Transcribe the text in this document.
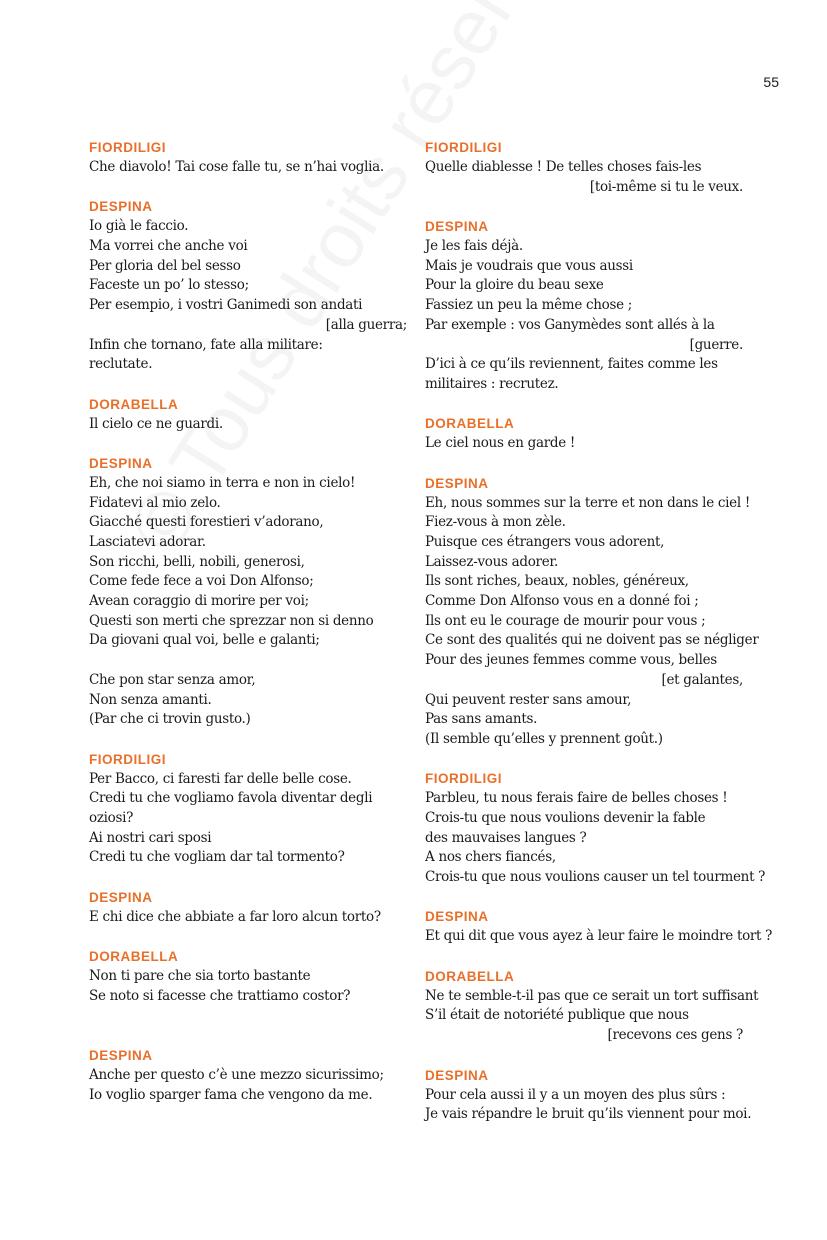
55
FIORDILIGI
Che diavolo! Tai cose falle tu, se n’hai voglia.
DESPINA
Io già le faccio.
Ma vorrei che anche voi
Per gloria del bel sesso
Faceste un po’ lo stesso;
Per esempio, i vostri Ganimedi son andati
[alla guerra;
Infin che tornano, fate alla militare:
reclutate.
DORABELLA
Il cielo ce ne guardi.
DESPINA
Eh, che noi siamo in terra e non in cielo!
Fidatevi al mio zelo.
Giacché questi forestieri v’adorano,
Lasciatevi adorar.
Son ricchi, belli, nobili, generosi,
Come fede fece a voi Don Alfonso;
Avean coraggio di morire per voi;
Questi son merti che sprezzar non si denno
Da giovani qual voi, belle e galanti;
Che pon star senza amor,
Non senza amanti.
(Par che ci trovin gusto.)
FIORDILIGI
Per Bacco, ci faresti far delle belle cose.
Credi tu che vogliamo favola diventar degli
oziosi?
Ai nostri cari sposi
Credi tu che vogliam dar tal tormento?
DESPINA
E chi dice che abbiate a far loro alcun torto?
DORABELLA
Non ti pare che sia torto bastante
Se noto si facesse che trattiamo costor?
DESPINA
Anche per questo c’è une mezzo sicurissimo;
Io voglio sparger fama che vengono da me.
FIORDILIGI
Quelle diablesse ! De telles choses fais-les
[toi-même si tu le veux.
DESPINA
Je les fais déjà.
Mais je voudrais que vous aussi
Pour la gloire du beau sexe
Fassiez un peu la même chose ;
Par exemple : vos Ganymèdes sont allés à la
[guerre.
D’ici à ce qu’ils reviennent, faites comme les
militaires : recrutez.
DORABELLA
Le ciel nous en garde !
DESPINA
Eh, nous sommes sur la terre et non dans le ciel !
Fiez-vous à mon zèle.
Puisque ces étrangers vous adorent,
Laissez-vous adorer.
Ils sont riches, beaux, nobles, généreux,
Comme Don Alfonso vous en a donné foi ;
Ils ont eu le courage de mourir pour vous ;
Ce sont des qualités qui ne doivent pas se négliger
Pour des jeunes femmes comme vous, belles
[et galantes,
Qui peuvent rester sans amour,
Pas sans amants.
(Il semble qu’elles y prennent goût.)
FIORDILIGI
Parbleu, tu nous ferais faire de belles choses !
Crois-tu que nous voulions devenir la fable
des mauvaises langues ?
A nos chers fiancés,
Crois-tu que nous voulions causer un tel tourment ?
DESPINA
Et qui dit que vous ayez à leur faire le moindre tort ?
DORABELLA
Ne te semble-t-il pas que ce serait un tort suffisant
S’il était de notoriété publique que nous
[recevons ces gens ?
DESPINA
Pour cela aussi il y a un moyen des plus sûrs :
Je vais répandre le bruit qu’ils viennent pour moi.
